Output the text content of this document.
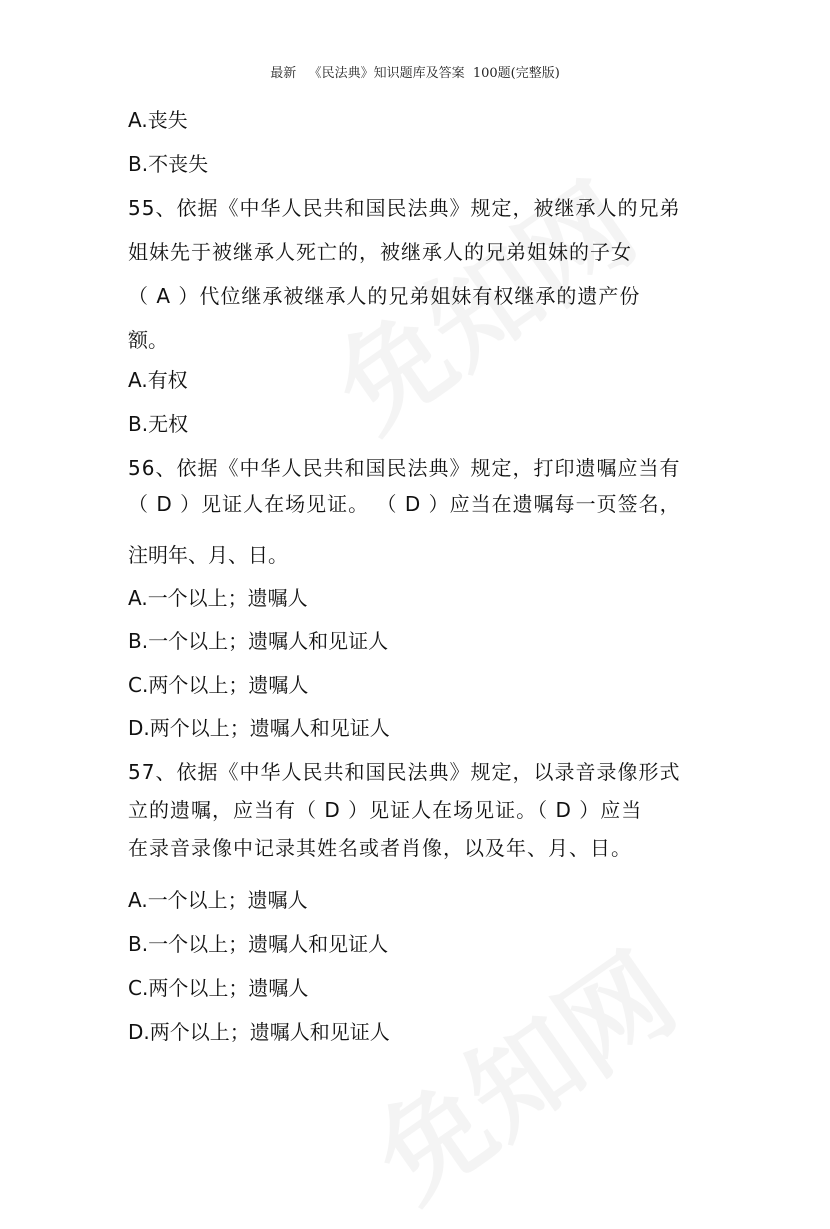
最新   《民法典》知识题库及答案  100题(完整版)
A.丧失
B.不丧失
55、依据《中华人民共和国民法典》规定，被继承人的兄弟
姐妹先于被继承人死亡的，被继承人的兄弟姐妹的子女
（ A ）代位继承被继承人的兄弟姐妹有权继承的遗产份
额。
A.有权
B.无权
56、依据《中华人民共和国民法典》规定，打印遗嘱应当有
（ D ）见证人在场见证。 （ D ）应当在遗嘱每一页签名，
注明年、月、日。
A.一个以上；遗嘱人
B.一个以上；遗嘱人和见证人
C.两个以上；遗嘱人
D.两个以上；遗嘱人和见证人
57、依据《中华人民共和国民法典》规定，以录音录像形式
立的遗嘱，应当有（ D ）见证人在场见证。（ D ）应当
在录音录像中记录其姓名或者肖像，以及年、月、日。
A.一个以上；遗嘱人
B.一个以上；遗嘱人和见证人
C.两个以上；遗嘱人
D.两个以上；遗嘱人和见证人
